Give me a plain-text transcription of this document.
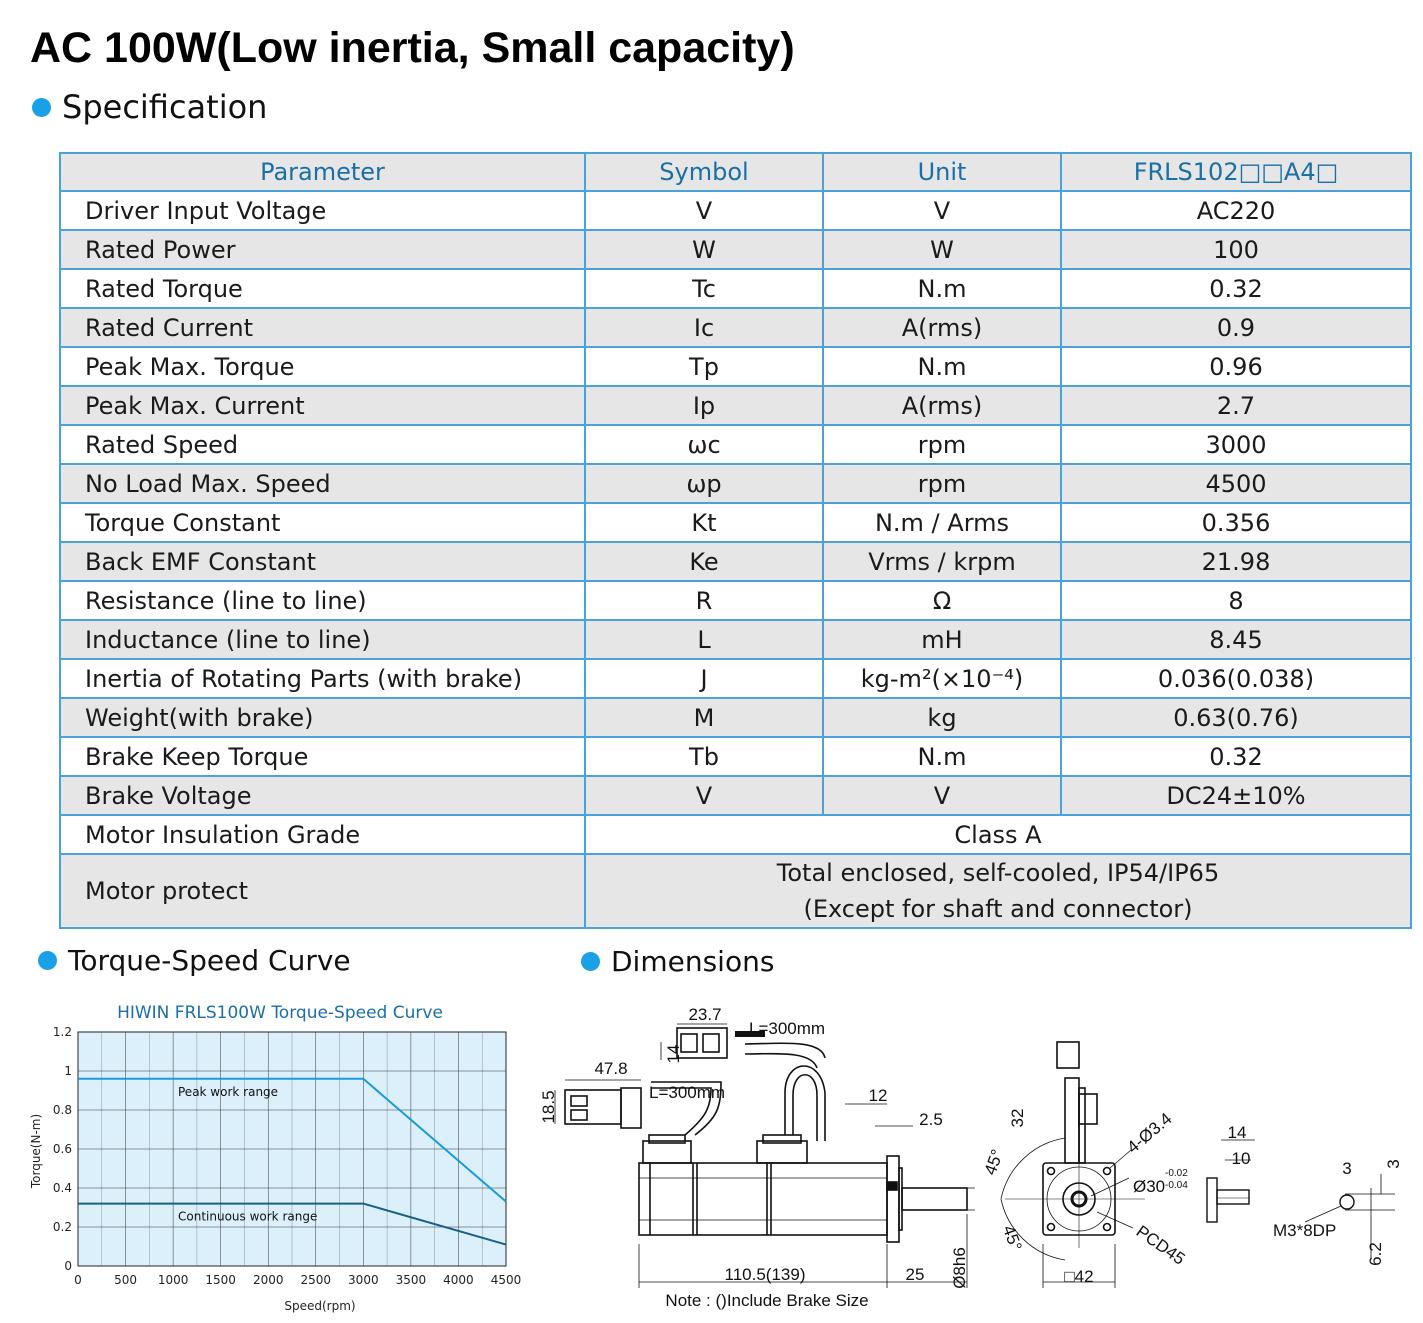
AC 100W(Low inertia, Small capacity)
Specification
Parameter	Symbol	Unit	FRLS102□□A4□
Driver Input Voltage	V	V	AC220
Rated Power	W	W	100
Rated Torque	Tc	N.m	0.32
Rated Current	Ic	A(rms)	0.9
Peak Max. Torque	Tp	N.m	0.96
Peak Max. Current	Ip	A(rms)	2.7
Rated Speed	ωc	rpm	3000
No Load Max. Speed	ωp	rpm	4500
Torque Constant	Kt	N.m / Arms	0.356
Back EMF Constant	Ke	Vrms / krpm	21.98
Resistance (line to line)	R	Ω	8
Inductance (line to line)	L	mH	8.45
Inertia of Rotating Parts (with brake)	J	kg-m²(×10⁻⁴)	0.036(0.038)
Weight(with brake)	M	kg	0.63(0.76)
Brake Keep Torque	Tb	N.m	0.32
Brake Voltage	V	V	DC24±10%
Motor Insulation Grade	Class A		
Motor protect	Total enclosed, self-cooled, IP54/IP65
(Except for shaft and connector)		
Torque-Speed Curve	Dimensions
HIWIN FRLS100W Torque-Speed Curve
Peak work range
Continuous work range
0	500 1000 1500 2000 2500 3000 3500 4000 4500
0
0.2
0.4
0.6
0.8
1
1.2
Torque(N-m)
Speed(rpm)
23.7
L=300mm
14
47.8
L=300mm
18.5	12
2.5
110.5(139)	25 Ø8h6
Note : ()Include Brake Size
32
45°
45°
4-Ø3.4
Ø30
-0.02
-0.04
PCD45
□42
14
10
3 3
M3*8DP
6.2
